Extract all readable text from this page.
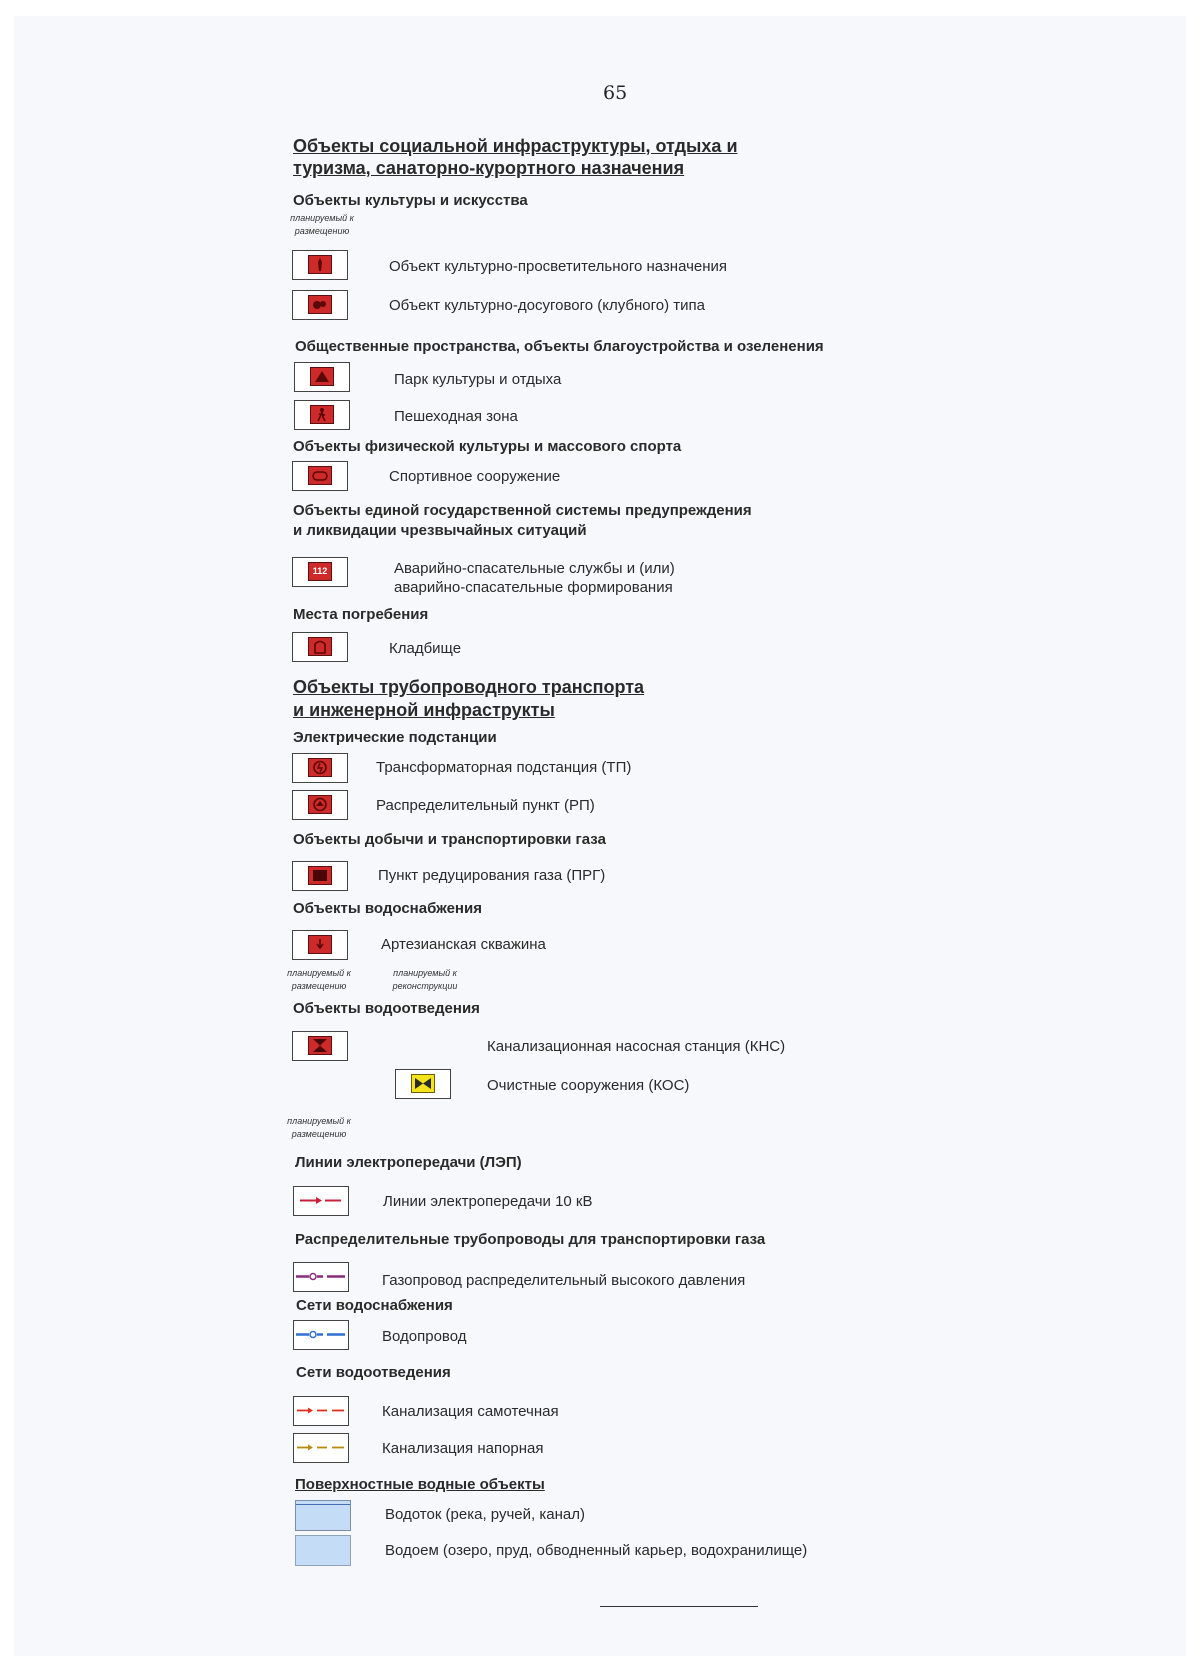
65
Объекты социальной инфраструктуры, отдыха и
туризма, санаторно-курортного назначения
Объекты культуры и искусства
планируемый к размещению
Объект культурно-просветительного назначения
Объект культурно-досугового (клубного) типа
Общественные пространства, объекты благоустройства и озеленения
Парк культуры и отдыха
Пешеходная зона
Объекты физической культуры и массового спорта
Спортивное сооружение
Объекты единой государственной системы предупреждения
и ликвидации чрезвычайных ситуаций
112	Аварийно-спасательные службы и (или)
аварийно-спасательные формирования
Места погребения
Кладбище
Объекты трубопроводного транспорта
и инженерной инфраструкты
Электрические подстанции
Трансформаторная подстанция (ТП)
Распределительный пункт (РП)
Объекты добычи и транспортировки газа
Пункт редуцирования газа (ПРГ)
Объекты водоснабжения
Артезианская скважина
планируемый к размещению
планируемый к реконструкции
Объекты водоотведения
Канализационная насосная станция (КНС)
Очистные сооружения (КОС)
планируемый к размещению
Линии электропередачи (ЛЭП)
Линии электропередачи 10 кВ
Распределительные трубопроводы для транспортировки газа
Газопровод распределительный высокого давления
Сети водоснабжения
Водопровод
Сети водоотведения
Канализация самотечная
Канализация напорная
Поверхностные водные объекты
Водоток (река, ручей, канал)
Водоем (озеро, пруд, обводненный карьер, водохранилище)
